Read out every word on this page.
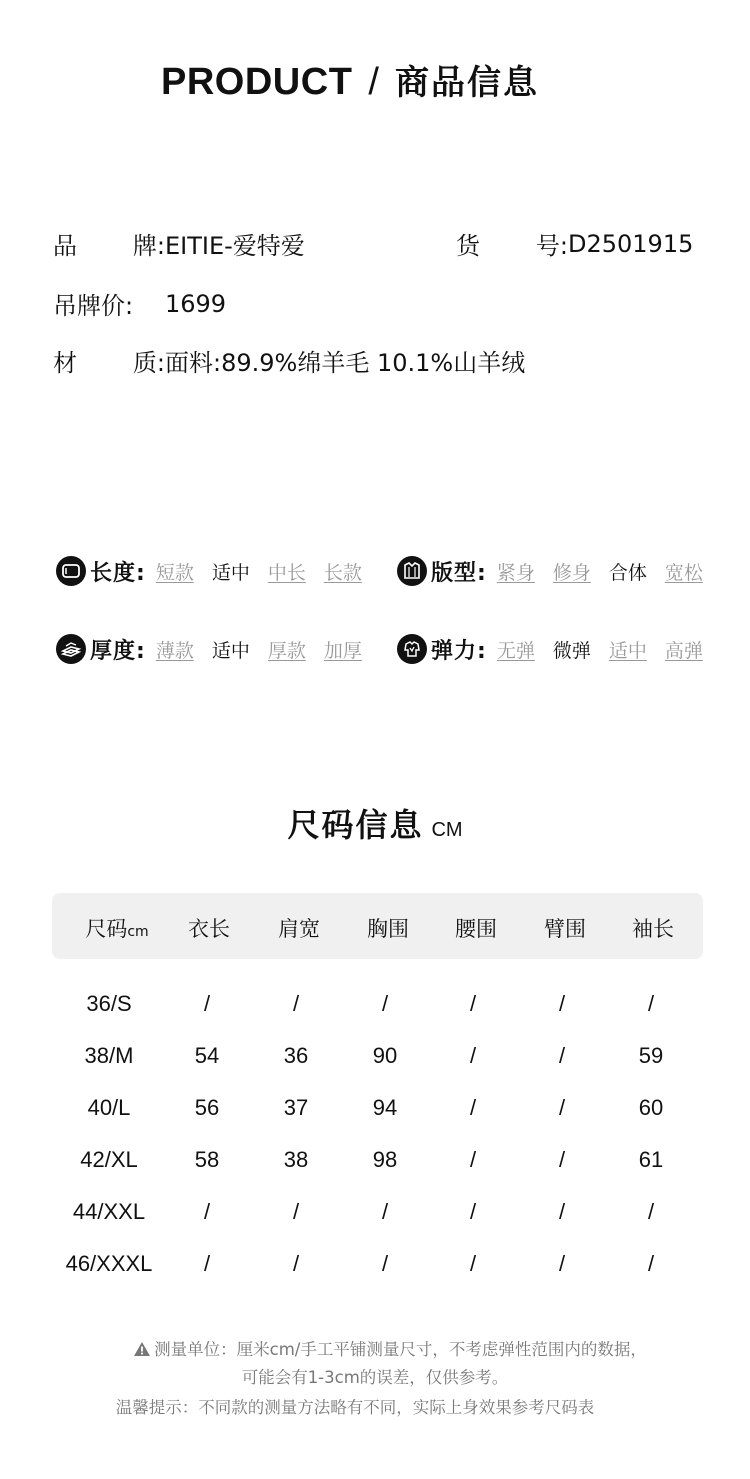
PRODUCT / 商品信息
品 牌: EITIE-爱特爱	货 号: D2501915
吊牌价: 1699
材 质: 面料:89.9%绵羊毛 10.1%山羊绒
长度: 短款 适中 中长 长款	版型: 紧身 修身 合体 宽松
厚度: 薄款 适中 厚款 加厚	弹力: 无弹 微弹 适中 高弹
尺码信息 CM
尺码cm 衣长 肩宽 胸围 腰围 臂围 袖长
36/S	/	/	/	/	/	/
38/M	54	36	90	/	/	59
40/L	56	37	94	/	/	60
42/XL	58	38	98	/	/	61
44/XXL	/	/	/	/	/	/
46/XXXL /	/	/	/	/	/
测量单位：厘米cm/手工平铺测量尺寸，不考虑弹性范围内的数据，
可能会有1-3cm的误差，仅供参考。
温馨提示：不同款的测量方法略有不同，实际上身效果参考尺码表
